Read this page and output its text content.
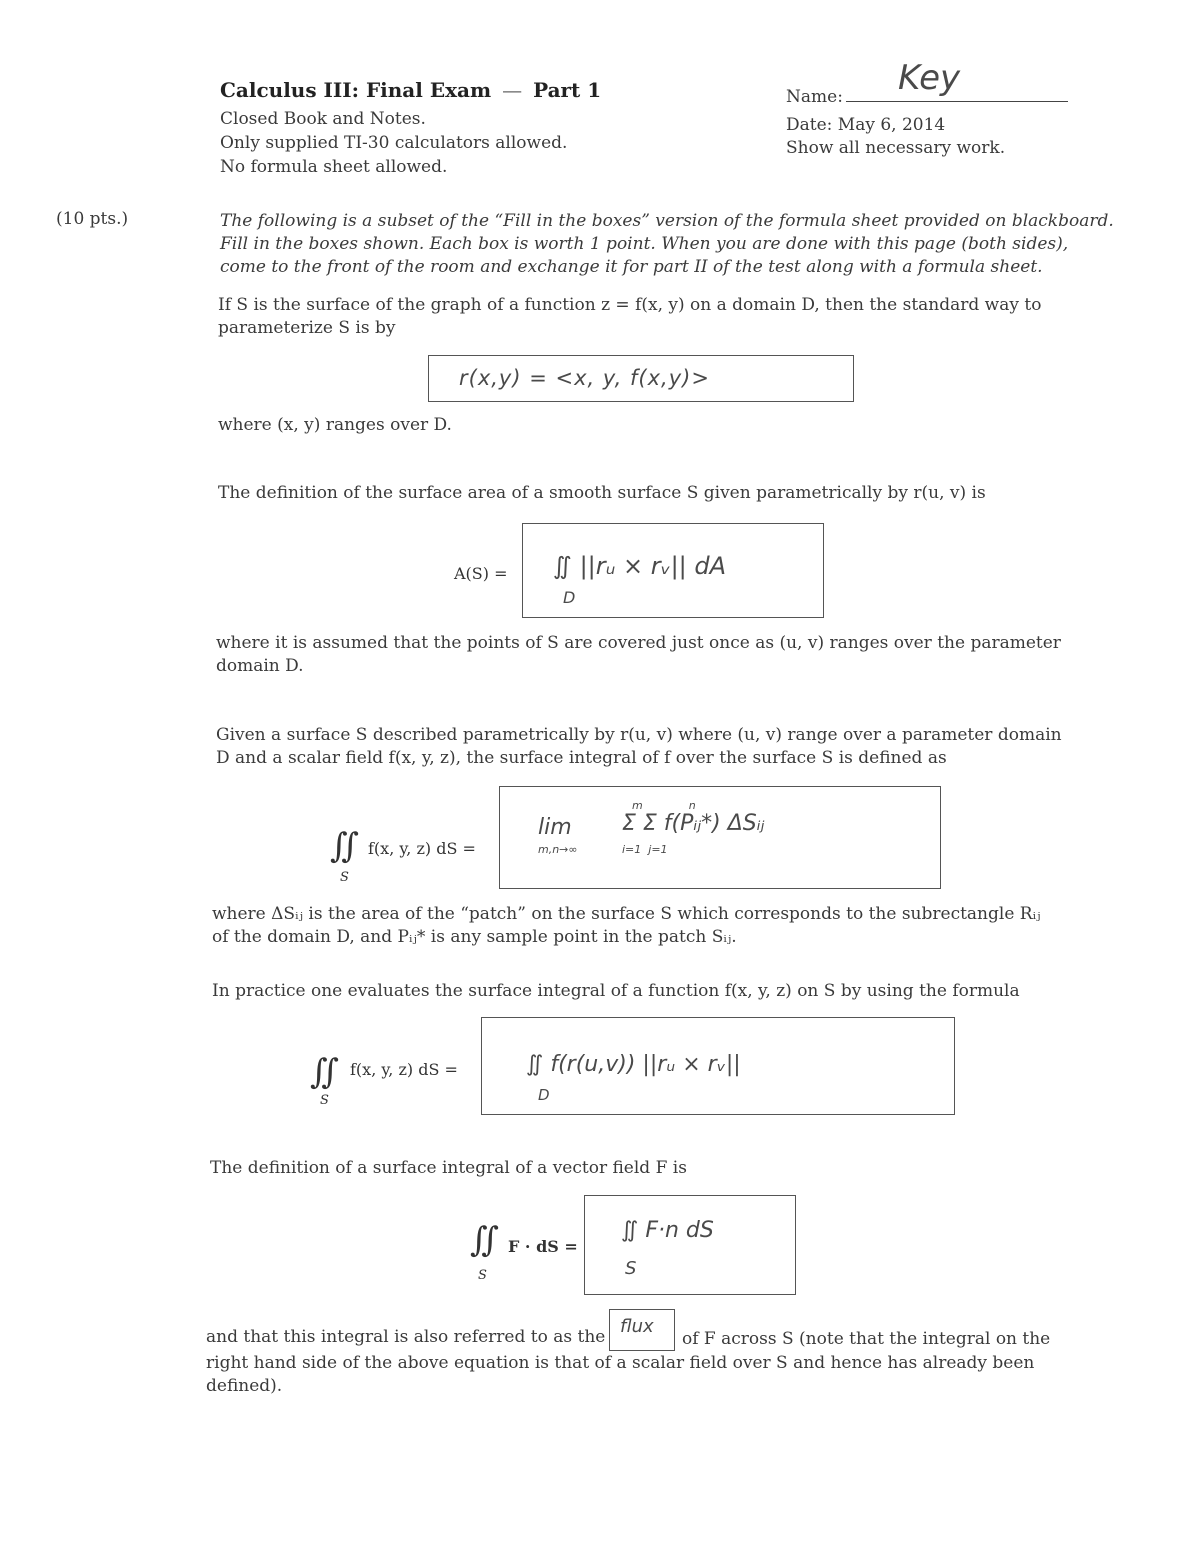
Calculus III: Final Exam — Part 1
Closed Book and Notes.
Only supplied TI-30 calculators allowed.
No formula sheet allowed.
Name: Key
Date: May 6, 2014
Show all necessary work.
(10 pts.)	The following is a subset of the “Fill in the boxes” version of the formula sheet provided on blackboard.
Fill in the boxes shown. Each box is worth 1 point. When you are done with this page (both sides),
come to the front of the room and exchange it for part II of the test along with a formula sheet.
If S is the surface of the graph of a function z = f(x, y) on a domain D, then the standard way to
parameterize S is by
r(x,y) = <x, y, f(x,y)>
where (x, y) ranges over D.
The definition of the surface area of a smooth surface S given parametrically by r(u, v) is
A(S) = ∬ ||rᵤ × rᵥ|| dA
D
where it is assumed that the points of S are covered just once as (u, v) ranges over the parameter
domain D.
Given a surface S described parametrically by r(u, v) where (u, v) range over a parameter domain
D and a scalar field f(x, y, z), the surface integral of f over the surface S is defined as
∬ f(x, y, z) dS =
S
lim
m,n→∞
m    n
Σ Σ f(Pᵢⱼ*) ΔSᵢⱼ
i=1  j=1
where ΔSᵢⱼ is the area of the “patch” on the surface S which corresponds to the subrectangle Rᵢⱼ
of the domain D, and Pᵢⱼ* is any sample point in the patch Sᵢⱼ.
In practice one evaluates the surface integral of a function f(x, y, z) on S by using the formula
∬ f(x, y, z) dS =
S
∬ f(r(u,v)) ||rᵤ × rᵥ||
D
The definition of a surface integral of a vector field F is
∬ F · dS =
S
∬ F·n dS
S
and that this integral is also referred to as the flux
of F across S (note that the integral on the
right hand side of the above equation is that of a scalar field over S and hence has already been
defined).
